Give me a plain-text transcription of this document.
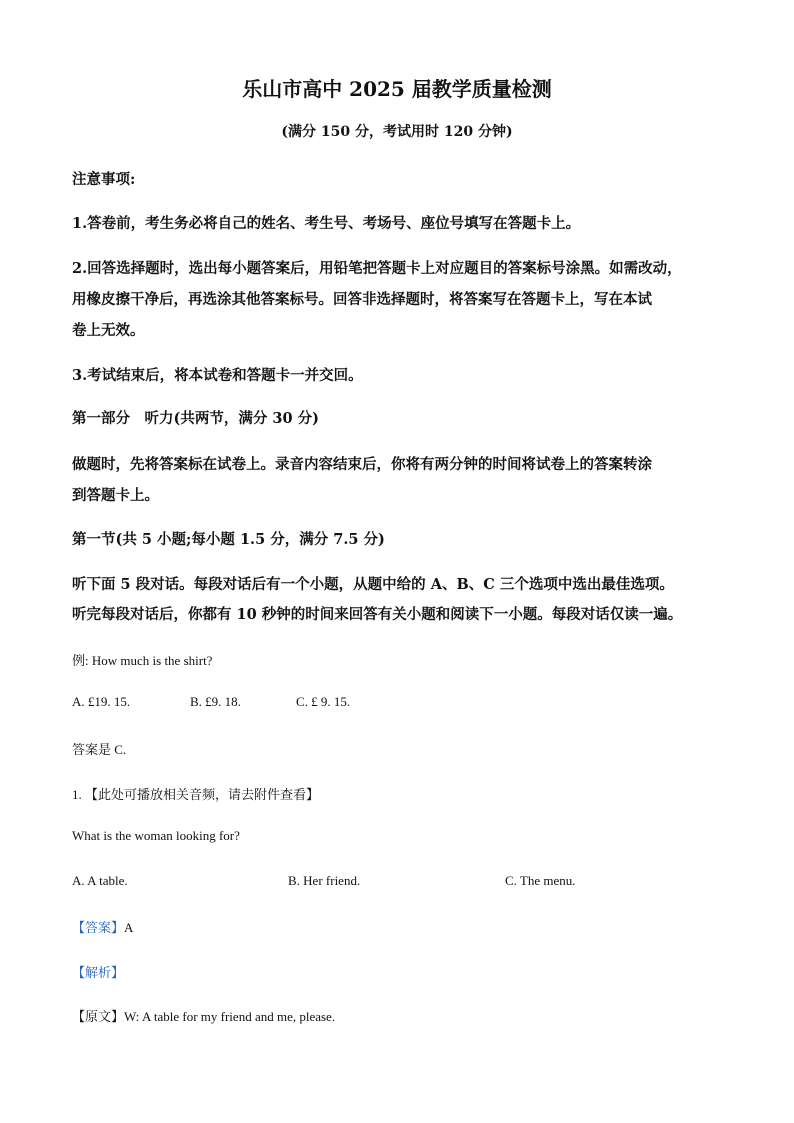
乐山市高中 2025 届教学质量检测
(满分 150 分，考试用时 120 分钟)
注意事项:
1.答卷前，考生务必将自己的姓名、考生号、考场号、座位号填写在答题卡上。
2.回答选择题时，选出每小题答案后，用铅笔把答题卡上对应题目的答案标号涂黑。如需改动，
用橡皮擦干净后，再选涂其他答案标号。回答非选择题时，将答案写在答题卡上，写在本试
卷上无效。
3.考试结束后，将本试卷和答题卡一并交回。
第一部分　听力(共两节，满分 30 分)
做题时，先将答案标在试卷上。录音内容结束后，你将有两分钟的时间将试卷上的答案转涂
到答题卡上。
第一节(共 5 小题;每小题 1.5 分，满分 7.5 分)
听下面 5 段对话。每段对话后有一个小题，从题中给的 A、B、C 三个选项中选出最佳选项。
听完每段对话后，你都有 10 秒钟的时间来回答有关小题和阅读下一小题。每段对话仅读一遍。
例: How much is the shirt?
A. £19. 15.	B. £9. 18.	C. £ 9. 15.
答案是 C.
1. 【此处可播放相关音频，请去附件查看】
What is the woman looking for?
A. A table.	B. Her friend.	C. The menu.
【答案】A
【解析】
【原文】W: A table for my friend and me, please.
